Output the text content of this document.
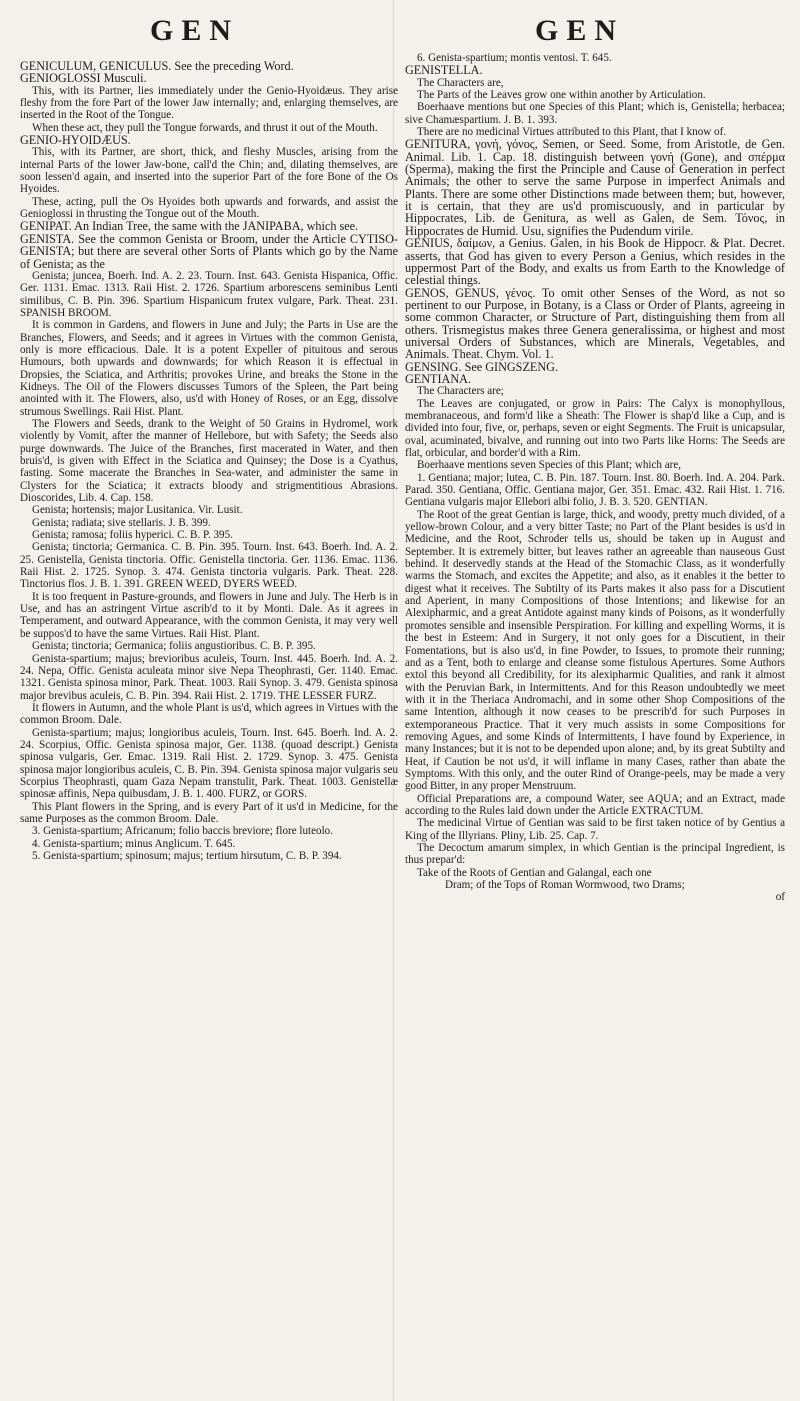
GEN	GEN

GENICULUM, GENICULUS. See the preceding Word.

GENIOGLOSSI Musculi.

This, with its Partner, lies immediately under the Genio-Hyoidæus. They arise fleshy from the fore Part of the lower Jaw internally; and, enlarging themselves, are inserted in the Root of the Tongue.

When these act, they pull the Tongue forwards, and thrust it out of the Mouth.

GENIO-HYOIDÆUS.

This, with its Partner, are short, thick, and fleshy Muscles, arising from the internal Parts of the lower Jaw-bone, call'd the Chin; and, dilating themselves, are soon lessen'd again, and inserted into the superior Part of the fore Bone of the Os Hyoides.

These, acting, pull the Os Hyoides both upwards and forwards, and assist the Genioglossi in thrusting the Tongue out of the Mouth.

GENIPAT. An Indian Tree, the same with the JANIPABA, which see.

GENISTA. See the common Genista or Broom, under the Article CYTISO-GENISTA; but there are several other Sorts of Plants which go by the Name of Genista; as the

Genista; juncea, Boerh. Ind. A. 2. 23. Tourn. Inst. 643. Genista Hispanica, Offic. Ger. 1131. Emac. 1313. Raii Hist. 2. 1726. Spartium arborescens seminibus Lenti similibus, C. B. Pin. 396. Spartium Hispanicum frutex vulgare, Park. Theat. 231. SPANISH BROOM.

It is common in Gardens, and flowers in June and July; the Parts in Use are the Branches, Flowers, and Seeds; and it agrees in Virtues with the common Genista, only is more efficacious. Dale. It is a potent Expeller of pituitous and serous Humours, both upwards and downwards; for which Reason it is effectual in Dropsies, the Sciatica, and Arthritis; provokes Urine, and breaks the Stone in the Kidneys. The Oil of the Flowers discusses Tumors of the Spleen, the Part being anointed with it. The Flowers, also, us'd with Honey of Roses, or an Egg, dissolve strumous Swellings. Raii Hist. Plant.

The Flowers and Seeds, drank to the Weight of 50 Grains in Hydromel, work violently by Vomit, after the manner of Hellebore, but with Safety; the Seeds also purge downwards. The Juice of the Branches, first macerated in Water, and then bruis'd, is given with Effect in the Sciatica and Quinsey; the Dose is a Cyathus, fasting. Some macerate the Branches in Sea-water, and administer the same in Clysters for the Sciatica; it extracts bloody and strigmentitious Abrasions. Dioscorides, Lib. 4. Cap. 158.

Genista; hortensis; major Lusitanica. Vir. Lusit.

Genista; radiata; sive stellaris. J. B. 399.

Genista; ramosa; foliis hyperici. C. B. P. 395.

Genista; tinctoria; Germanica. C. B. Pin. 395. Tourn. Inst. 643. Boerh. Ind. A. 2. 25. Genistella, Genista tinctoria. Offic. Genistella tinctoria. Ger. 1136. Emac. 1136. Raii Hist. 2. 1725. Synop. 3. 474. Genista tinctoria vulgaris. Park. Theat. 228. Tinctorius flos. J. B. 1. 391. GREEN WEED, DYERS WEED.

It is too frequent in Pasture-grounds, and flowers in June and July. The Herb is in Use, and has an astringent Virtue ascrib'd to it by Monti. Dale. As it agrees in Temperament, and outward Appearance, with the common Genista, it may very well be suppos'd to have the same Virtues. Raii Hist. Plant.

Genista; tinctoria; Germanica; foliis angustioribus. C. B. P. 395.

Genista-spartium; majus; brevioribus aculeis, Tourn. Inst. 445. Boerh. Ind. A. 2. 24. Nepa, Offic. Genista aculeata minor sive Nepa Theophrasti, Ger. 1140. Emac. 1321. Genista spinosa minor, Park. Theat. 1003. Raii Synop. 3. 479. Genista spinosa major brevibus aculeis, C. B. Pin. 394. Raii Hist. 2. 1719. THE LESSER FURZ.

It flowers in Autumn, and the whole Plant is us'd, which agrees in Virtues with the common Broom. Dale.

Genista-spartium; majus; longioribus aculeis, Tourn. Inst. 645. Boerh. Ind. A. 2. 24. Scorpius, Offic. Genista spinosa major, Ger. 1138. (quoad descript.) Genista spinosa vulgaris, Ger. Emac. 1319. Raii Hist. 2. 1729. Synop. 3. 475. Genista spinosa major longioribus aculeis, C. B. Pin. 394. Genista spinosa major vulgaris seu Scorpius Theophrasti, quam Gaza Nepam transtulit, Park. Theat. 1003. Genistellæ spinosæ affinis, Nepa quibusdam, J. B. 1. 400. FURZ, or GORS.

This Plant flowers in the Spring, and is every Part of it us'd in Medicine, for the same Purposes as the common Broom. Dale.

3. Genista-spartium; Africanum; folio baccis breviore; flore luteolo.

4. Genista-spartium; minus Anglicum. T. 645.

5. Genista-spartium; spinosum; majus; tertium hirsutum, C. B. P. 394.

6. Genista-spartium; montis ventosi. T. 645.

GENISTELLA.

The Characters are,

The Parts of the Leaves grow one within another by Articulation.

Boerhaave mentions but one Species of this Plant; which is, Genistella; herbacea; sive Chamæspartium. J. B. 1. 393.

There are no medicinal Virtues attributed to this Plant, that I know of.

GENITURA, γονή, γόνος, Semen, or Seed. Some, from Aristotle, de Gen. Animal. Lib. 1. Cap. 18. distinguish between γονή (Gone), and σπέρμα (Sperma), making the first the Principle and Cause of Generation in perfect Animals; the other to serve the same Purpose in imperfect Animals and Plants. There are some other Distinctions made between them; but, however, it is certain, that they are us'd promiscuously, and in particular by Hippocrates, Lib. de Genitura, as well as Galen, de Sem. Τόνος, in Hippocrates de Humid. Usu, signifies the Pudendum virile.

GENIUS, δαίμων, a Genius. Galen, in his Book de Hippocr. & Plat. Decret. asserts, that God has given to every Person a Genius, which resides in the uppermost Part of the Body, and exalts us from Earth to the Knowledge of celestial things.

GENOS, GENUS, γένος. To omit other Senses of the Word, as not so pertinent to our Purpose, in Botany, is a Class or Order of Plants, agreeing in some common Character, or Structure of Part, distinguishing them from all others. Trismegistus makes three Genera generalissima, or highest and most universal Orders of Substances, which are Minerals, Vegetables, and Animals. Theat. Chym. Vol. 1.

GENSING. See GINGSZENG.

GENTIANA.

The Characters are;

The Leaves are conjugated, or grow in Pairs: The Calyx is monophyllous, membranaceous, and form'd like a Sheath: The Flower is shap'd like a Cup, and is divided into four, five, or, perhaps, seven or eight Segments. The Fruit is unicapsular, oval, acuminated, bivalve, and running out into two Parts like Horns: The Seeds are flat, orbicular, and border'd with a Rim.

Boerhaave mentions seven Species of this Plant; which are,

1. Gentiana; major; lutea, C. B. Pin. 187. Tourn. Inst. 80. Boerh. Ind. A. 204. Park. Parad. 350. Gentiana, Offic. Gentiana major, Ger. 351. Emac. 432. Raii Hist. 1. 716. Gentiana vulgaris major Ellebori albi folio, J. B. 3. 520. GENTIAN.

The Root of the great Gentian is large, thick, and woody, pretty much divided, of a yellow-brown Colour, and a very bitter Taste; no Part of the Plant besides is us'd in Medicine, and the Root, Schroder tells us, should be taken up in August and September. It is extremely bitter, but leaves rather an agreeable than nauseous Gust behind. It deservedly stands at the Head of the Stomachic Class, as it wonderfully warms the Stomach, and excites the Appetite; and also, as it enables it the better to digest what it receives. The Subtilty of its Parts makes it also pass for a Discutient and Aperient, in many Compositions of those Intentions; and likewise for an Alexipharmic, and a great Antidote against many kinds of Poisons, as it wonderfully promotes sensible and insensible Perspiration. For killing and expelling Worms, it is the best in Esteem: And in Surgery, it not only goes for a Discutient, in their Fomentations, but is also us'd, in fine Powder, to Issues, to promote their running; and as a Tent, both to enlarge and cleanse some fistulous Apertures. Some Authors extol this beyond all Credibility, for its alexipharmic Qualities, and rank it almost with the Peruvian Bark, in Intermittents. And for this Reason undoubtedly we meet with it in the Theriaca Andromachi, and in some other Shop Compositions of the same Intention, although it now ceases to be prescrib'd for such Purposes in extemporaneous Practice. That it very much assists in some Compositions for removing Agues, and some Kinds of Intermittents, I have found by Experience, in many Instances; but it is not to be depended upon alone; and, by its great Subtilty and Heat, if Caution be not us'd, it will inflame in many Cases, rather than abate the Symptoms. With this only, and the outer Rind of Orange-peels, may be made a very good Bitter, in any proper Menstruum.

Official Preparations are, a compound Water, see AQUA; and an Extract, made according to the Rules laid down under the Article EXTRACTUM.

The medicinal Virtue of Gentian was said to be first taken notice of by Gentius a King of the Illyrians. Pliny, Lib. 25. Cap. 7.

The Decoctum amarum simplex, in which Gentian is the principal Ingredient, is thus prepar'd:

Take of the Roots of Gentian and Galangal, each one

Dram; of the Tops of Roman Wormwood, two Drams;

of
